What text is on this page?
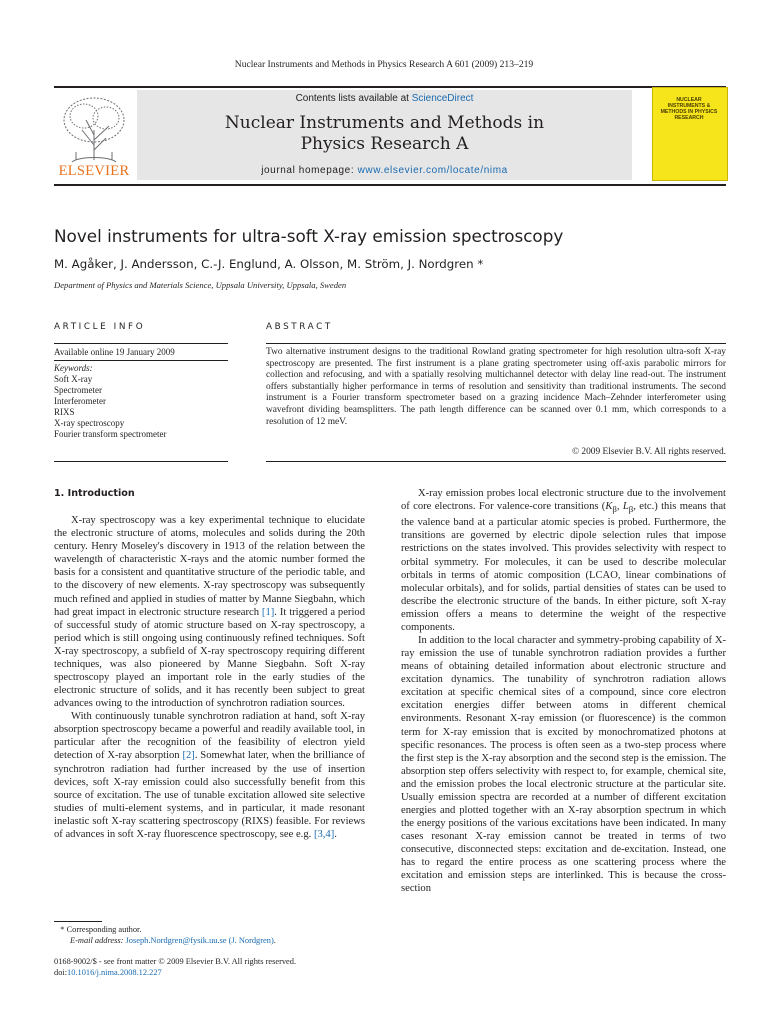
Nuclear Instruments and Methods in Physics Research A 601 (2009) 213–219
ELSEVIER
Contents lists available at ScienceDirect
Nuclear Instruments and Methods in
Physics Research A
journal homepage: www.elsevier.com/locate/nima
NUCLEAR INSTRUMENTS & METHODS IN PHYSICS RESEARCH
Novel instruments for ultra-soft X-ray emission spectroscopy
M. Agåker, J. Andersson, C.-J. Englund, A. Olsson, M. Ström, J. Nordgren *
Department of Physics and Materials Science, Uppsala University, Uppsala, Sweden
ARTICLE INFO
Available online 19 January 2009
Keywords:
Soft X-ray
Spectrometer
Interferometer
RIXS
X-ray spectroscopy
Fourier transform spectrometer
ABSTRACT
Two alternative instrument designs to the traditional Rowland grating spectrometer for high resolution ultra-soft X-ray spectroscopy are presented. The first instrument is a plane grating spectrometer using off-axis parabolic mirrors for collection and refocusing, and with a spatially resolving multichannel detector with delay line read-out. The instrument offers substantially higher performance in terms of resolution and sensitivity than traditional instruments. The second instrument is a Fourier transform spectrometer based on a grazing incidence Mach–Zehnder interferometer using wavefront dividing beamsplitters. The path length difference can be scanned over 0.1 mm, which corresponds to a resolution of 12 meV.
© 2009 Elsevier B.V. All rights reserved.
1. Introduction

X-ray spectroscopy was a key experimental technique to elucidate the electronic structure of atoms, molecules and solids during the 20th century. Henry Moseley's discovery in 1913 of the relation between the wavelength of characteristic X-rays and the atomic number formed the basis for a consistent and quantitative structure of the periodic table, and to the discovery of new elements. X-ray spectroscopy was subsequently much refined and applied in studies of matter by Manne Siegbahn, which had great impact in electronic structure research [1]. It triggered a period of successful study of atomic structure based on X-ray spectroscopy, a period which is still ongoing using continuously refined techniques. Soft X-ray spectroscopy, a subfield of X-ray spectroscopy requiring different techniques, was also pioneered by Manne Siegbahn. Soft X-ray spectroscopy played an important role in the early studies of the electronic structure of solids, and it has recently been subject to great advances owing to the introduction of synchrotron radiation sources.

With continuously tunable synchrotron radiation at hand, soft X-ray absorption spectroscopy became a powerful and readily available tool, in particular after the recognition of the feasibility of electron yield detection of X-ray absorption [2]. Somewhat later, when the brilliance of synchrotron radiation had further increased by the use of insertion devices, soft X-ray emission could also successfully benefit from this source of excitation. The use of tunable excitation allowed site selective studies of multi-element systems, and in particular, it made resonant inelastic soft X-ray scattering spectroscopy (RIXS) feasible. For reviews of advances in soft X-ray fluorescence spectroscopy, see e.g. [3,4].

X-ray emission probes local electronic structure due to the involvement of core electrons. For valence-core transitions ($K_\beta$, $L_\beta$, etc.) this means that the valence band at a particular atomic species is probed. Furthermore, the transitions are governed by electric dipole selection rules that impose restrictions on the states involved. This provides selectivity with respect to orbital symmetry. For molecules, it can be used to describe molecular orbitals in terms of atomic composition (LCAO, linear combinations of molecular orbitals), and for solids, partial densities of states can be used to describe the electronic structure of the bands. In either picture, soft X-ray emission offers a means to determine the weight of the respective components.

In addition to the local character and symmetry-probing capability of X-ray emission the use of tunable synchrotron radiation provides a further means of obtaining detailed information about electronic structure and excitation dynamics. The tunability of synchrotron radiation allows excitation at specific chemical sites of a compound, since core electron excitation energies differ between atoms in different chemical environments. Resonant X-ray emission (or fluorescence) is the common term for X-ray emission that is excited by monochromatized photons at specific resonances. The process is often seen as a two-step process where the first step is the X-ray absorption and the second step is the emission. The absorption step offers selectivity with respect to, for example, chemical site, and the emission probes the local electronic structure at the particular site. Usually emission spectra are recorded at a number of different excitation energies and plotted together with an X-ray absorption spectrum in which the energy positions of the various excitations have been indicated. In many cases resonant X-ray emission cannot be treated in terms of two consecutive, disconnected steps: excitation and de-excitation. Instead, one has to regard the entire process as one scattering process where the excitation and emission steps are interlinked. This is because the cross-section

* Corresponding author.
E-mail address: Joseph.Nordgren@fysik.uu.se (J. Nordgren).
0168-9002/$ - see front matter © 2009 Elsevier B.V. All rights reserved.
doi:10.1016/j.nima.2008.12.227
